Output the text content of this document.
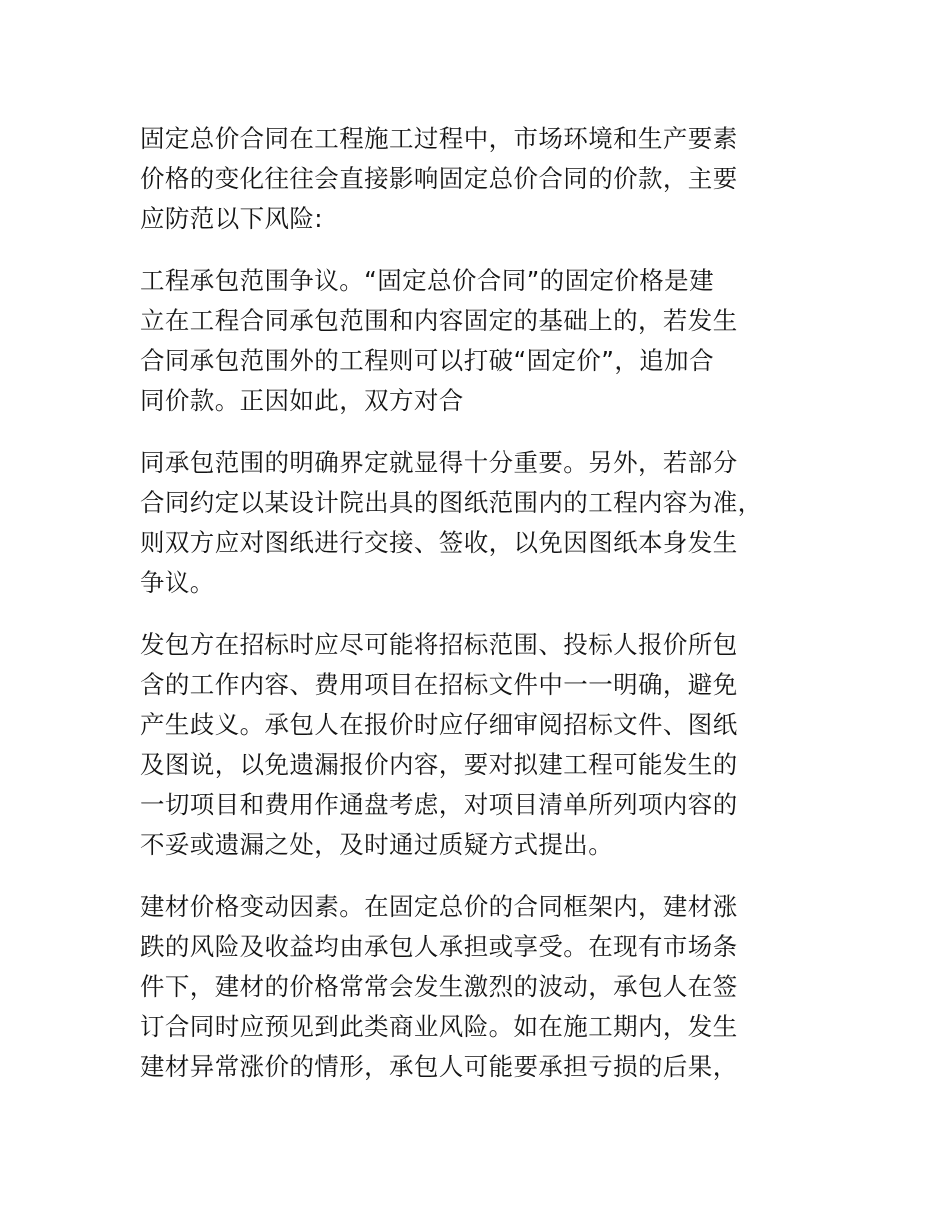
固定总价合同在工程施工过程中，市场环境和生产要素
价格的变化往往会直接影响固定总价合同的价款，主要
应防范以下风险:
工程承包范围争议。“固定总价合同”的固定价格是建
立在工程合同承包范围和内容固定的基础上的，若发生
合同承包范围外的工程则可以打破“固定价”，追加合
同价款。正因如此，双方对合
同承包范围的明确界定就显得十分重要。另外，若部分
合同约定以某设计院出具的图纸范围内的工程内容为准，
则双方应对图纸进行交接、签收，以免因图纸本身发生
争议。
发包方在招标时应尽可能将招标范围、投标人报价所包
含的工作内容、费用项目在招标文件中一一明确，避免
产生歧义。承包人在报价时应仔细审阅招标文件、图纸
及图说，以免遗漏报价内容，要对拟建工程可能发生的
一切项目和费用作通盘考虑，对项目清单所列项内容的
不妥或遗漏之处，及时通过质疑方式提出。
建材价格变动因素。在固定总价的合同框架内，建材涨
跌的风险及收益均由承包人承担或享受。在现有市场条
件下，建材的价格常常会发生激烈的波动，承包人在签
订合同时应预见到此类商业风险。如在施工期内，发生
建材异常涨价的情形，承包人可能要承担亏损的后果，
